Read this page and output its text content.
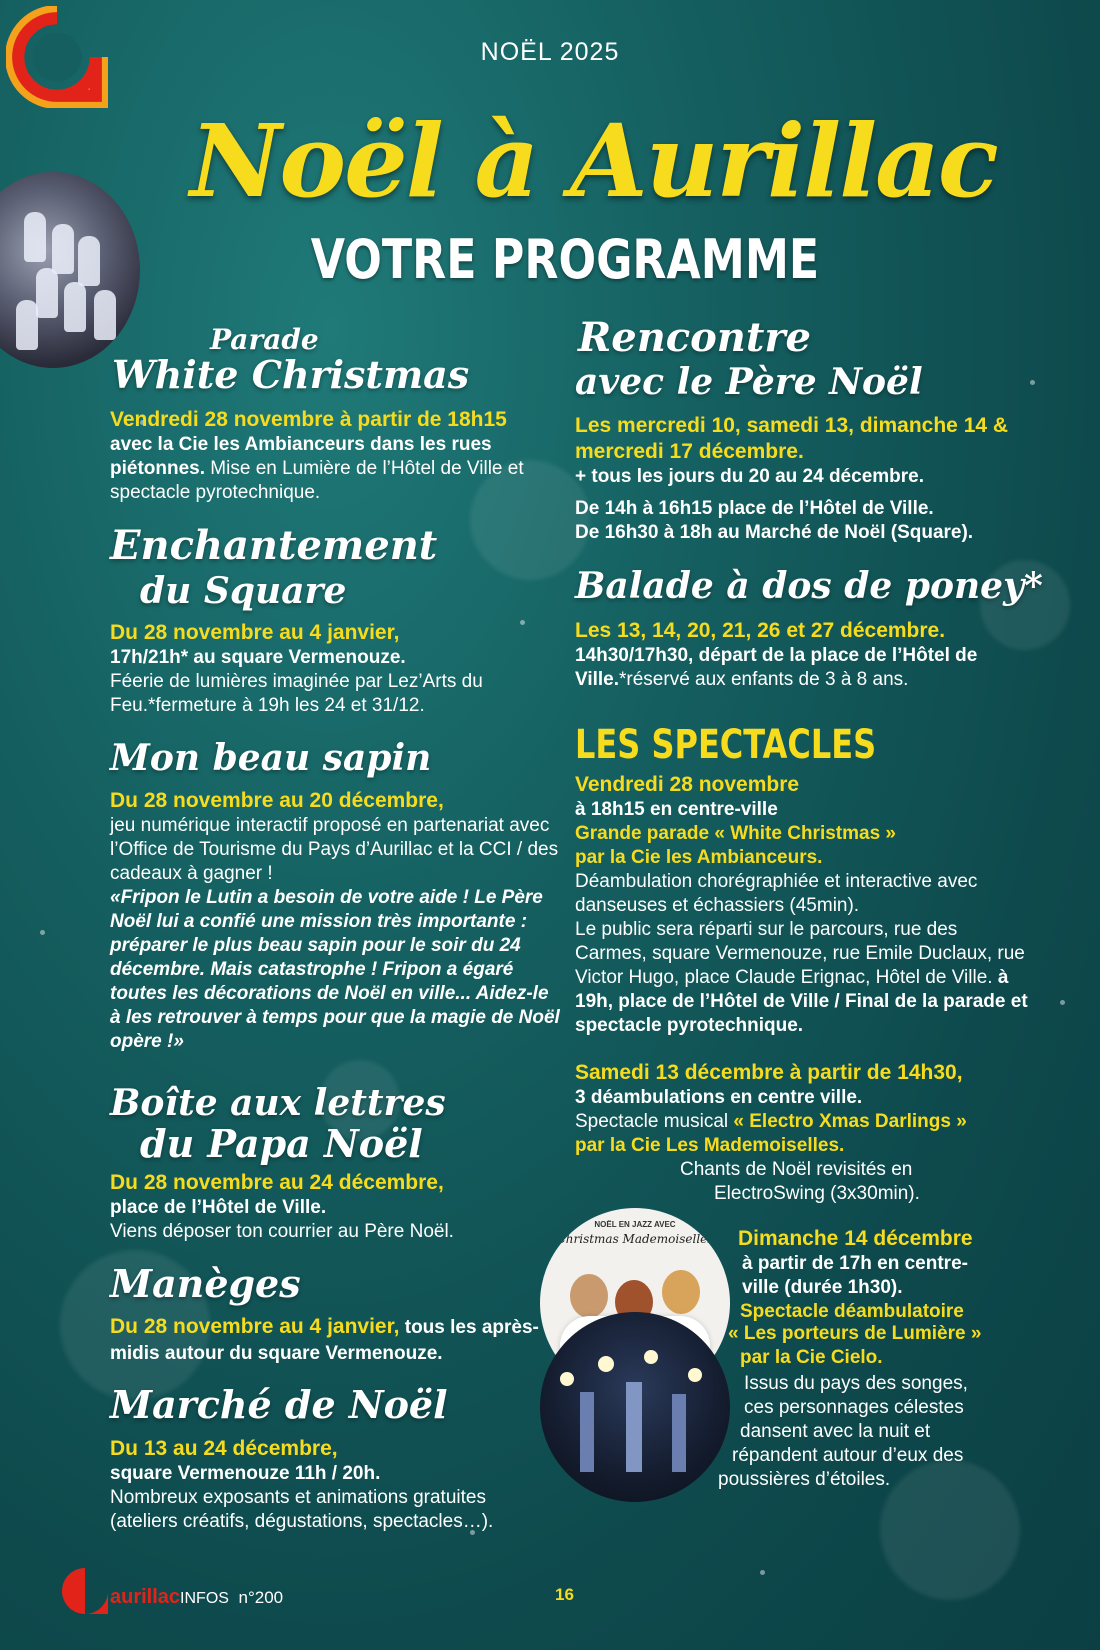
NOËL 2025
Noël à Aurillac
VOTRE PROGRAMME
Parade
White Christmas
Vendredi 28 novembre à partir de 18h15
avec la Cie les Ambianceurs dans les rues piétonnes. Mise en Lumière de l’Hôtel de Ville et spectacle pyrotechnique.
Enchantement
du Square
Du 28 novembre au 4 janvier,
17h/21h* au square Vermenouze.
Féerie de lumières imaginée par Lez’Arts du Feu.*fermeture à 19h les 24 et 31/12.
Mon beau sapin
Du 28 novembre au 20 décembre,
jeu numérique interactif proposé en partenariat avec l’Office de Tourisme du Pays d’Aurillac et la CCI / des cadeaux à gagner !
«Fripon le Lutin a besoin de votre aide ! Le Père Noël lui a confié une mission très importante : préparer le plus beau sapin pour le soir du 24 décembre. Mais catastrophe ! Fripon a égaré toutes les décorations de Noël en ville... Aidez-le à les retrouver à temps pour que la magie de Noël opère !»
Boîte aux lettres
du Papa Noël
Du 28 novembre au 24 décembre,
place de l’Hôtel de Ville.
Viens déposer ton courrier au Père Noël.
Manèges
Du 28 novembre au 4 janvier, tous les après-midis autour du square Vermenouze.
Marché de Noël
Du 13 au 24 décembre,
square Vermenouze 11h / 20h.
Nombreux exposants et animations gratuites (ateliers créatifs, dégustations, spectacles…).
Rencontre
avec le Père Noël
Les mercredi 10, samedi 13, dimanche 14 & mercredi 17 décembre.
+ tous les jours du 20 au 24 décembre.
De 14h à 16h15 place de l’Hôtel de Ville.
De 16h30 à 18h au Marché de Noël (Square).
Balade à dos de poney*
Les 13, 14, 20, 21, 26 et 27 décembre.
14h30/17h30, départ de la place de l’Hôtel de Ville.*réservé aux enfants de 3 à 8 ans.
LES SPECTACLES
Vendredi 28 novembre
à 18h15 en centre-ville
Grande parade « White Christmas »
par la Cie les Ambianceurs.
Déambulation chorégraphiée et interactive avec danseuses et échassiers (45min).
Le public sera réparti sur le parcours, rue des Carmes, square Vermenouze, rue Emile Duclaux, rue Victor Hugo, place Claude Erignac, Hôtel de Ville. à 19h, place de l’Hôtel de Ville / Final de la parade et spectacle pyrotechnique.
Samedi 13 décembre à partir de 14h30,
3 déambulations en centre ville.
Spectacle musical « Electro Xmas Darlings »
par la Cie Les Mademoiselles.
Chants de Noël revisités en
ElectroSwing (3x30min).
NOËL EN JAZZ AVEC
Christmas Mademoiselles	Dimanche 14 décembre
à partir de 17h en centre-
ville (durée 1h30).
Spectacle déambulatoire
« Les porteurs de Lumière »
par la Cie Cielo.
Issus du pays des songes,
ces personnages célestes
dansent avec la nuit et
répandent autour d’eux des
poussières d’étoiles.
aurillacINFOS n°200	16
